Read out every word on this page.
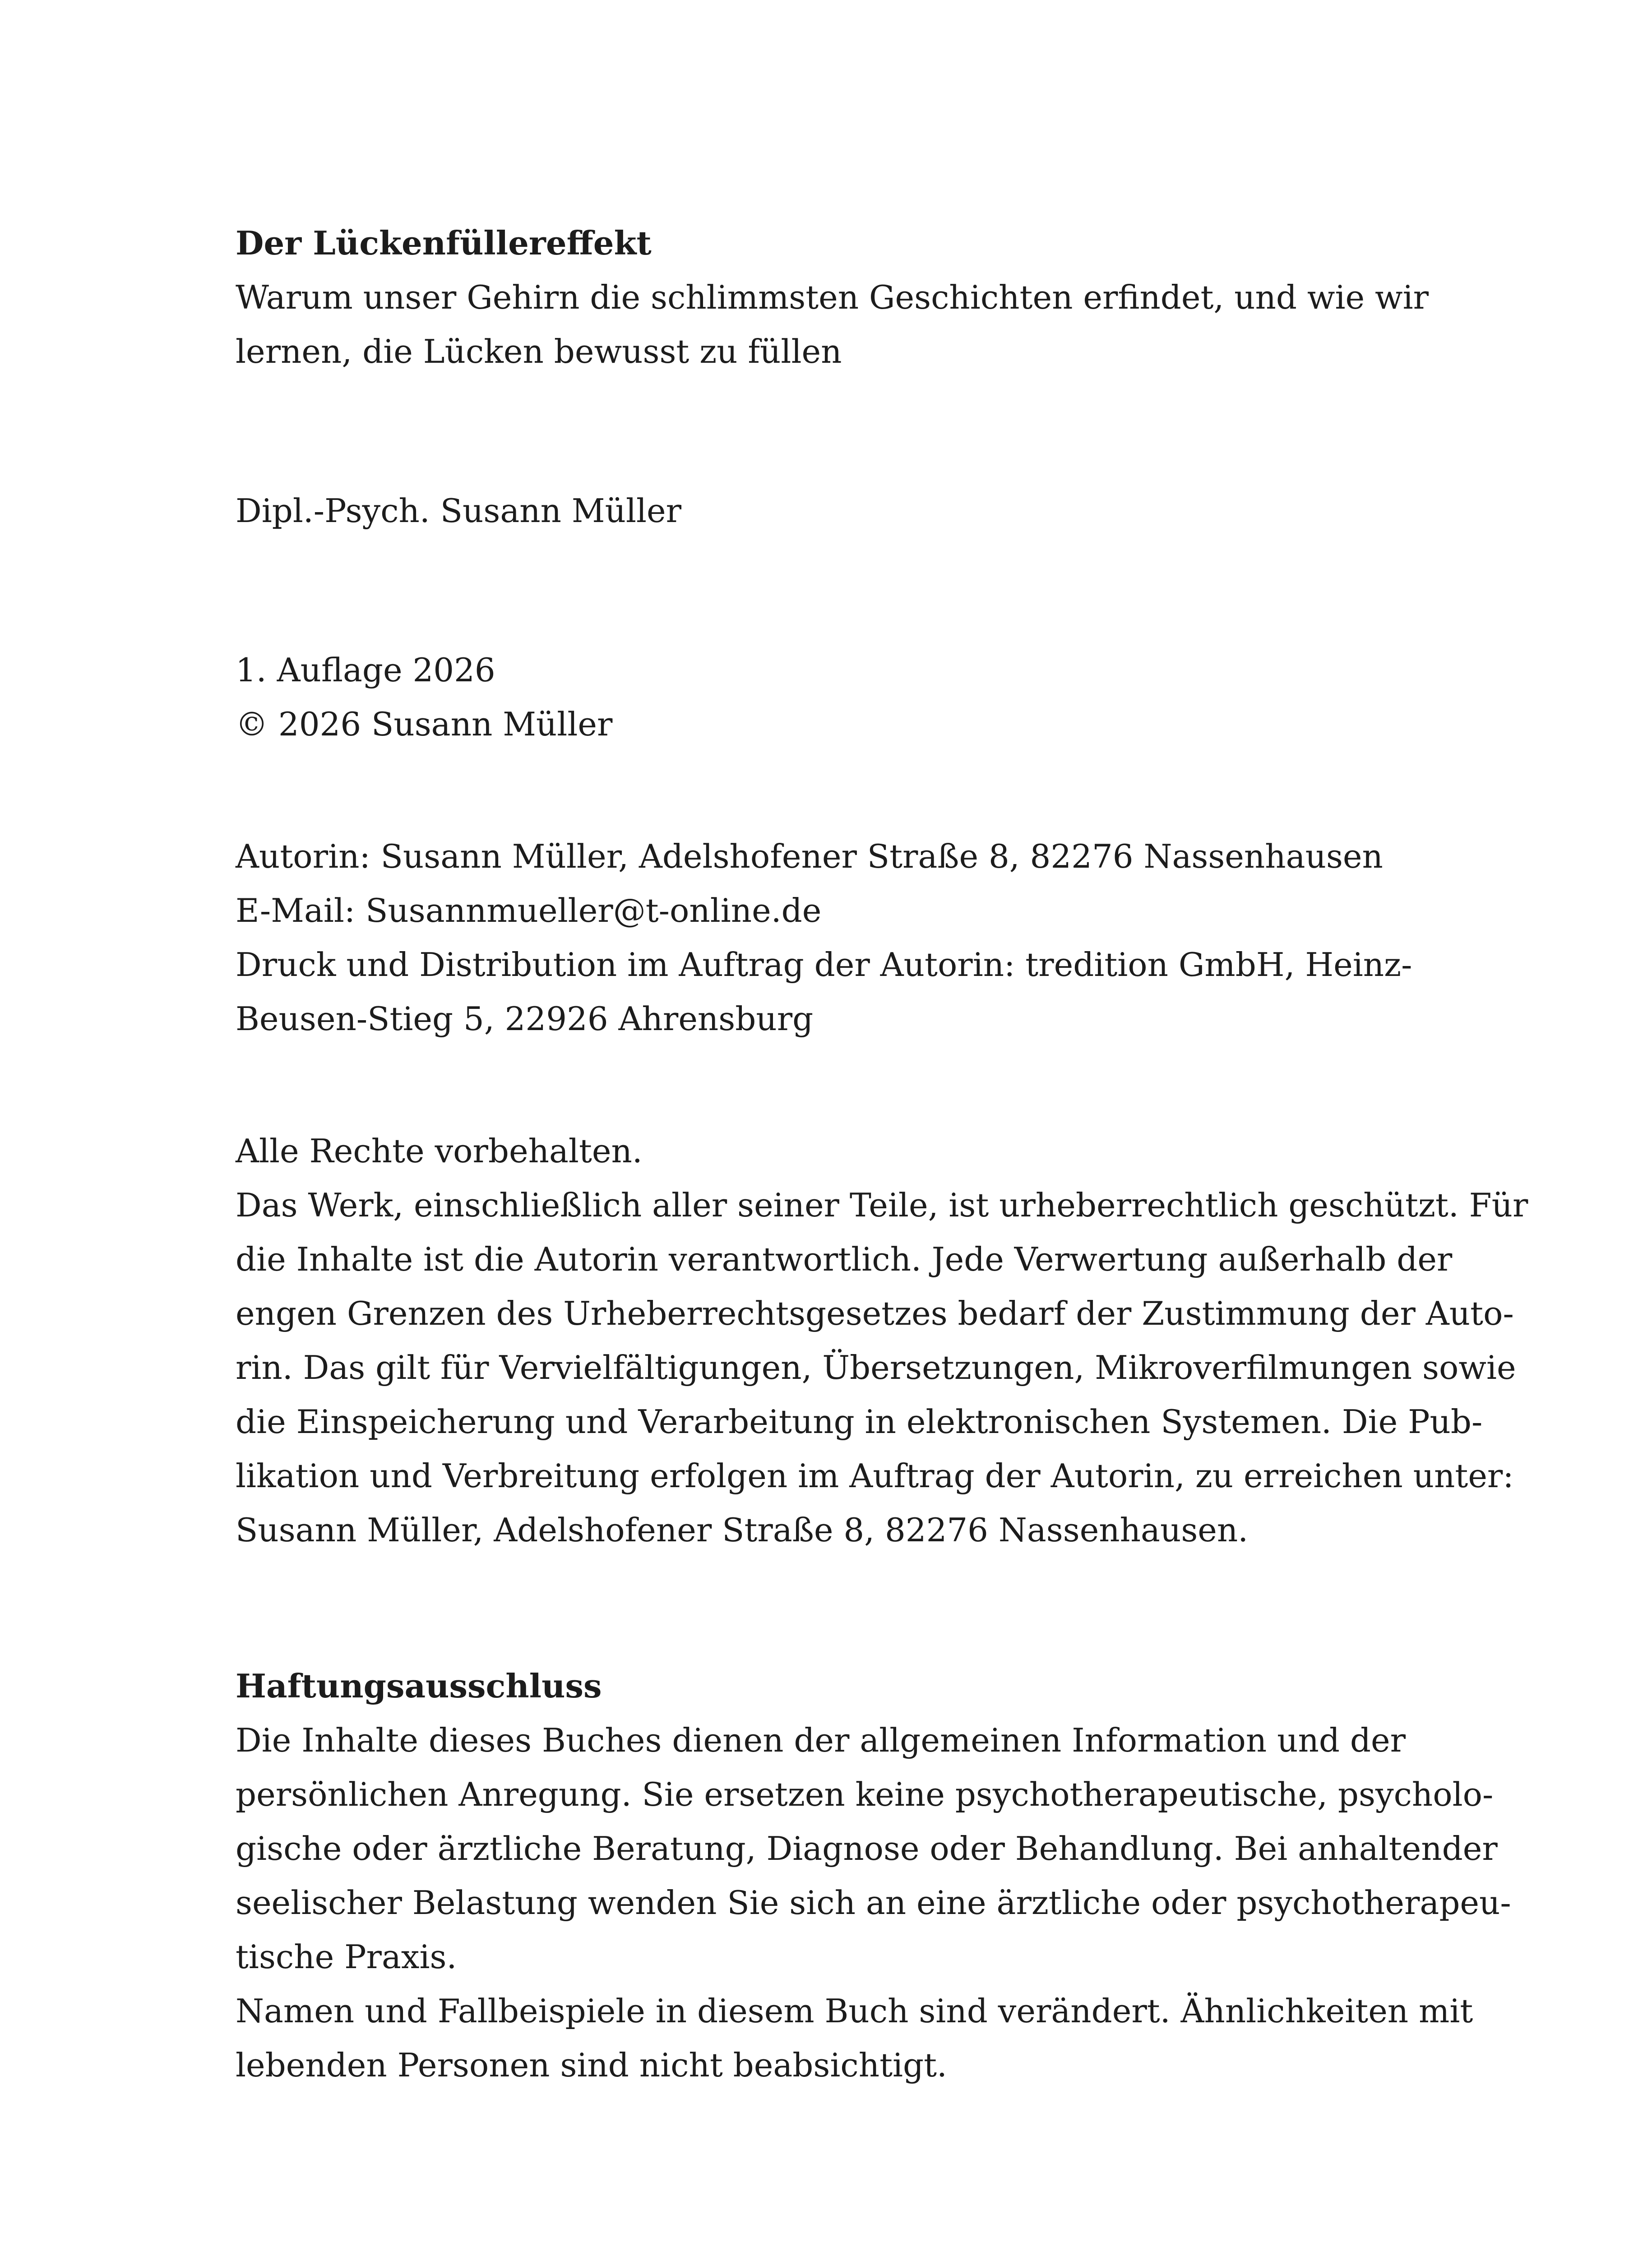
Der Lückenfüllereffekt

Warum unser Gehirn die schlimmsten Geschichten erfindet, und wie wir

lernen, die Lücken bewusst zu füllen

Dipl.-Psych. Susann Müller

1. Auflage 2026

© 2026 Susann Müller

Autorin: Susann Müller, Adelshofener Straße 8, 82276 Nassenhausen

E-Mail: Susannmueller@t-online.de

Druck und Distribution im Auftrag der Autorin: tredition GmbH, Heinz-

Beusen-Stieg 5, 22926 Ahrensburg

Alle Rechte vorbehalten.

Das Werk, einschließlich aller seiner Teile, ist urheberrechtlich geschützt. Für

die Inhalte ist die Autorin verantwortlich. Jede Verwertung außerhalb der

engen Grenzen des Urheberrechtsgesetzes bedarf der Zustimmung der Auto-

rin. Das gilt für Vervielfältigungen, Übersetzungen, Mikroverfilmungen sowie

die Einspeicherung und Verarbeitung in elektronischen Systemen. Die Pub-

likation und Verbreitung erfolgen im Auftrag der Autorin, zu erreichen unter:

Susann Müller, Adelshofener Straße 8, 82276 Nassenhausen.

Haftungsausschluss

Die Inhalte dieses Buches dienen der allgemeinen Information und der

persönlichen Anregung. Sie ersetzen keine psychotherapeutische, psycholo-

gische oder ärztliche Beratung, Diagnose oder Behandlung. Bei anhaltender

seelischer Belastung wenden Sie sich an eine ärztliche oder psychotherapeu-

tische Praxis.

Namen und Fallbeispiele in diesem Buch sind verändert. Ähnlichkeiten mit

lebenden Personen sind nicht beabsichtigt.
